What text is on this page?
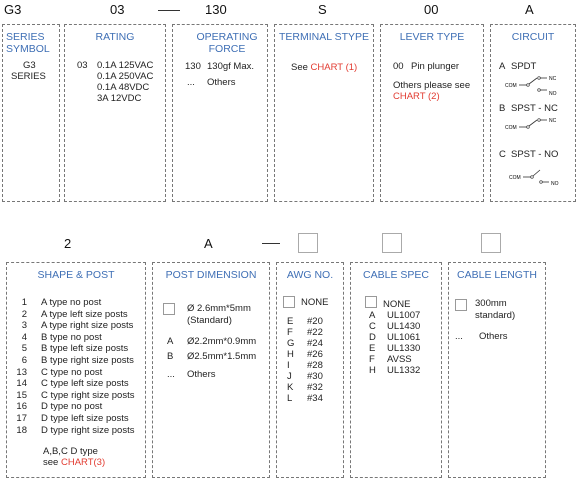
G3	03	130	S	00	A
SERIES SYMBOL
G3
SERIES
RATING
03 0.1A 125VAC
0.1A 250VAC
0.1A 48VDC
3A 12VDC
OPERATING FORCE
130 130gf Max.
... Others
TERMINAL STYPE
See CHART (1)
LEVER TYPE
00 Pin plunger
Others please see
CHART (2)
CIRCUIT
A SPDT
COM
NC
NO
B SPST - NC
COM
NC
C SPST - NO
COM
NO
2	A
SHAPE & POST
1 A type no post
2 A type left size posts
3 A type right size posts
4 B type no post
5 B type left size posts
6 B type right size posts
13 C type no post
14 C type left size posts
15 C type right size posts
16 D type no post
17 D type left size posts
18 D type right size posts
A,B,C D type
see CHART(3)
POST DIMENSION
Ø 2.6mm*5mm
(Standard)
A Ø2.2mm*0.9mm
B Ø2.5mm*1.5mm
... Others
AWG NO.
NONE
E #20
F #22
G #24
H #26
I #28
J #30
K #32
L #34
CABLE SPEC
NONE
A UL1007
C UL1430
D UL1061
E UL1330
F AVSS
H UL1332
CABLE LENGTH
300mm
standard)
... Others
